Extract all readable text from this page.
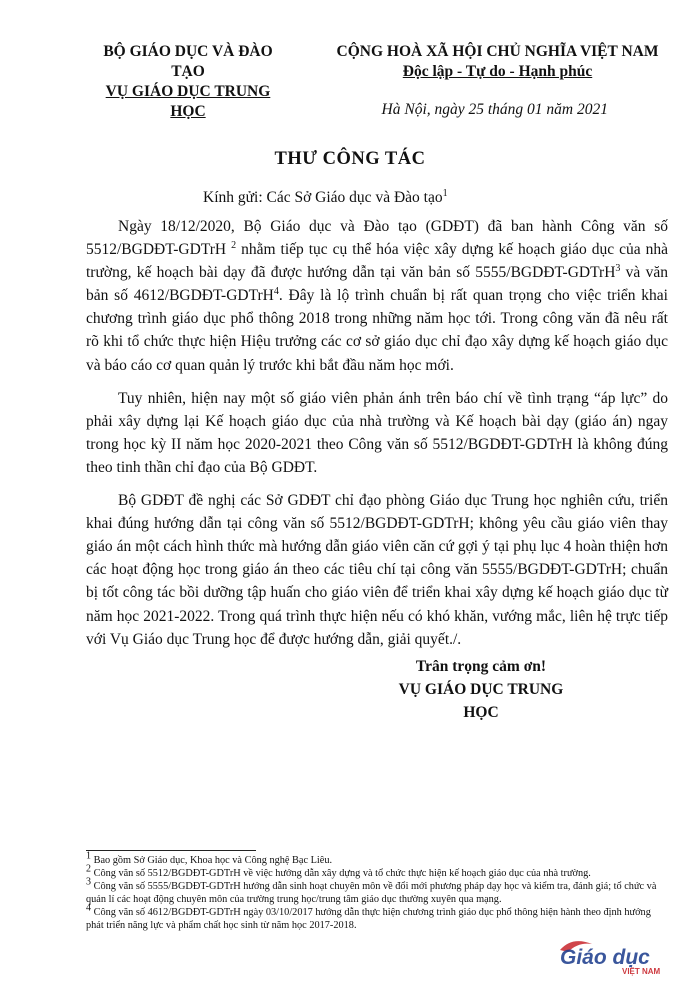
BỘ GIÁO DỤC VÀ ĐÀO TẠO
VỤ GIÁO DỤC TRUNG HỌC
CỘNG HOÀ XÃ HỘI CHỦ NGHĨA VIỆT NAM
Độc lập - Tự do - Hạnh phúc
Hà Nội, ngày 25 tháng 01 năm 2021
THƯ CÔNG TÁC
Kính gửi: Các Sở Giáo dục và Đào tạo$^1$

Ngày 18/12/2020, Bộ Giáo dục và Đào tạo (GDĐT) đã ban hành Công văn số 5512/BGDĐT-GDTrH $^2$ nhằm tiếp tục cụ thể hóa việc xây dựng kế hoạch giáo dục của nhà trường, kế hoạch bài dạy đã được hướng dẫn tại văn bản số 5555/BGDĐT-GDTrH$^3$ và văn bản số 4612/BGDĐT-GDTrH$^4$. Đây là lộ trình chuẩn bị rất quan trọng cho việc triển khai chương trình giáo dục phổ thông 2018 trong những năm học tới. Trong công văn đã nêu rất rõ khi tổ chức thực hiện Hiệu trưởng các cơ sở giáo dục chỉ đạo xây dựng kế hoạch giáo dục và báo cáo cơ quan quản lý trước khi bắt đầu năm học mới.

Tuy nhiên, hiện nay một số giáo viên phản ánh trên báo chí về tình trạng “áp lực” do phải xây dựng lại Kế hoạch giáo dục của nhà trường và Kế hoạch bài dạy (giáo án) ngay trong học kỳ II năm học 2020-2021 theo Công văn số 5512/BGDĐT-GDTrH là không đúng theo tinh thần chỉ đạo của Bộ GDĐT.

Bộ GDĐT đề nghị các Sở GDĐT chỉ đạo phòng Giáo dục Trung học nghiên cứu, triển khai đúng hướng dẫn tại công văn số 5512/BGDĐT-GDTrH; không yêu cầu giáo viên thay giáo án một cách hình thức mà hướng dẫn giáo viên căn cứ gợi ý tại phụ lục 4 hoàn thiện hơn các hoạt động học trong giáo án theo các tiêu chí tại công văn 5555/BGDĐT-GDTrH; chuẩn bị tốt công tác bồi dưỡng tập huấn cho giáo viên để triển khai xây dựng kế hoạch giáo dục từ năm học 2021-2022. Trong quá trình thực hiện nếu có khó khăn, vướng mắc, liên hệ trực tiếp với Vụ Giáo dục Trung học để được hướng dẫn, giải quyết./.

Trân trọng cảm ơn!
VỤ GIÁO DỤC TRUNG HỌC
$^1$ Bao gồm Sở Giáo dục, Khoa học và Công nghệ Bạc Liêu.
$^2$ Công văn số 5512/BGDĐT-GDTrH về việc hướng dẫn xây dựng và tổ chức thực hiện kế hoạch giáo dục của nhà trường.
$^3$ Công văn số 5555/BGDĐT-GDTrH hướng dẫn sinh hoạt chuyên môn về đổi mới phương pháp dạy học và kiểm tra, đánh giá; tổ chức và quản lí các hoạt động chuyên môn của trường trung học/trung tâm giáo dục thường xuyên qua mạng.
$^4$ Công văn số 4612/BGDĐT-GDTrH ngày 03/10/2017 hướng dẫn thực hiện chương trình giáo dục phổ thông hiện hành theo định hướng phát triển năng lực và phẩm chất học sinh từ năm học 2017-2018.
Giáo dục
VIỆT NAM
